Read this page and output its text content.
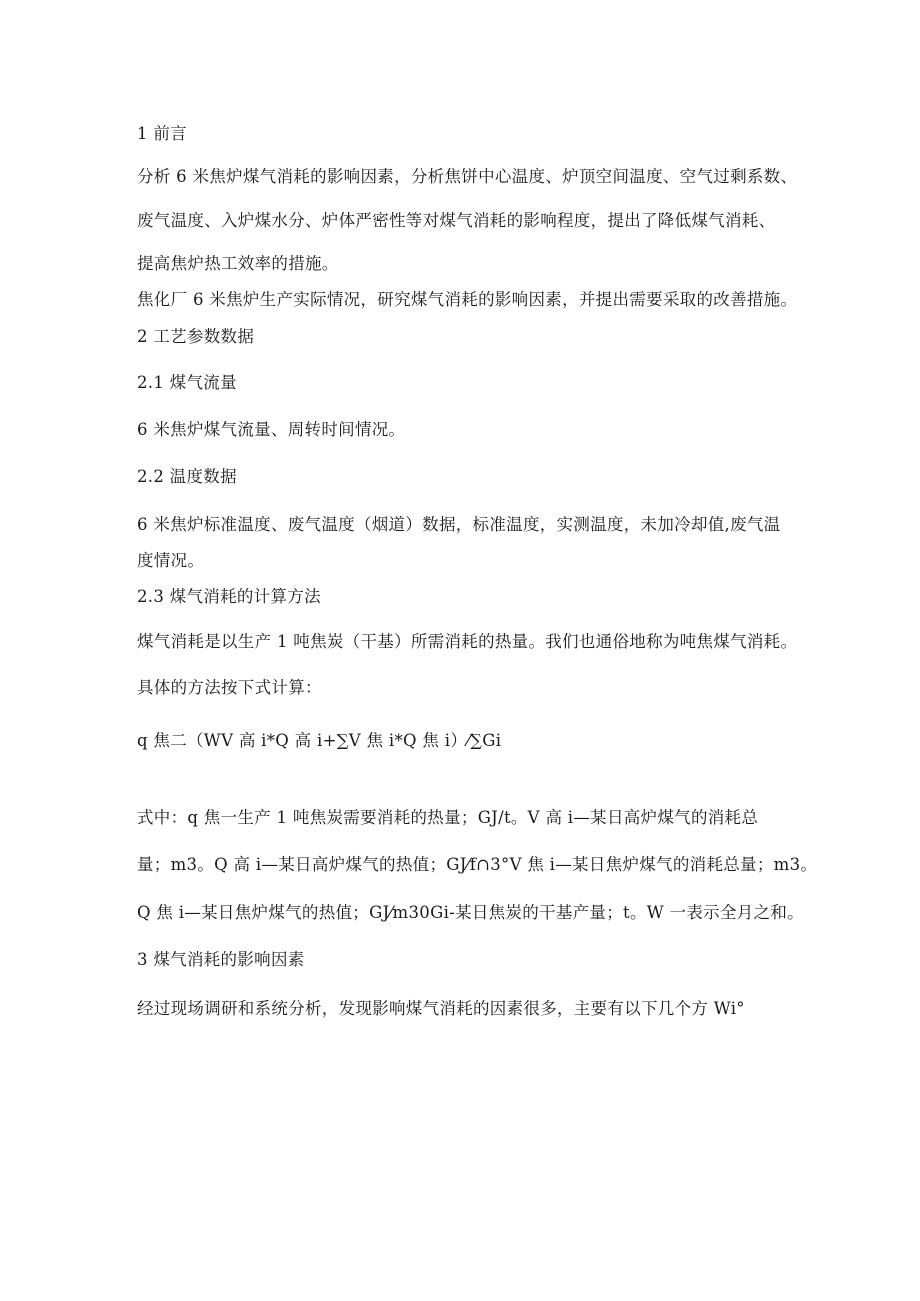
1 前言
分析 6 米焦炉煤气消耗的影响因素，分析焦饼中心温度、炉顶空间温度、空气过剩系数、
废气温度、入炉煤水分、炉体严密性等对煤气消耗的影响程度，提出了降低煤气消耗、
提高焦炉热工效率的措施。
焦化厂 6 米焦炉生产实际情况，研究煤气消耗的影响因素，并提出需要采取的改善措施。
2 工艺参数数据
2.1 煤气流量
6 米焦炉煤气流量、周转时间情况。
2.2 温度数据
6 米焦炉标准温度、废气温度（烟道）数据，标准温度，实测温度，未加冷却值,废气温
度情况。
2.3 煤气消耗的计算方法
煤气消耗是以生产 1 吨焦炭（干基）所需消耗的热量。我们也通俗地称为吨焦煤气消耗。
具体的方法按下式计算：
q 焦二（WV 高 i*Q 高 i+∑V 焦 i*Q 焦 i）⁄∑Gi
式中：q 焦一生产 1 吨焦炭需要消耗的热量；GJ/t。V 高 i—某日高炉煤气的消耗总
量；m3。Q 高 i—某日高炉煤气的热值；GJ⁄f∩3°V 焦 i—某日焦炉煤气的消耗总量；m3。
Q 焦 i—某日焦炉煤气的热值；GJ⁄m30Gi-某日焦炭的干基产量；t。W 一表示全月之和。
3 煤气消耗的影响因素
经过现场调研和系统分析，发现影响煤气消耗的因素很多，主要有以下几个方 Wi°
